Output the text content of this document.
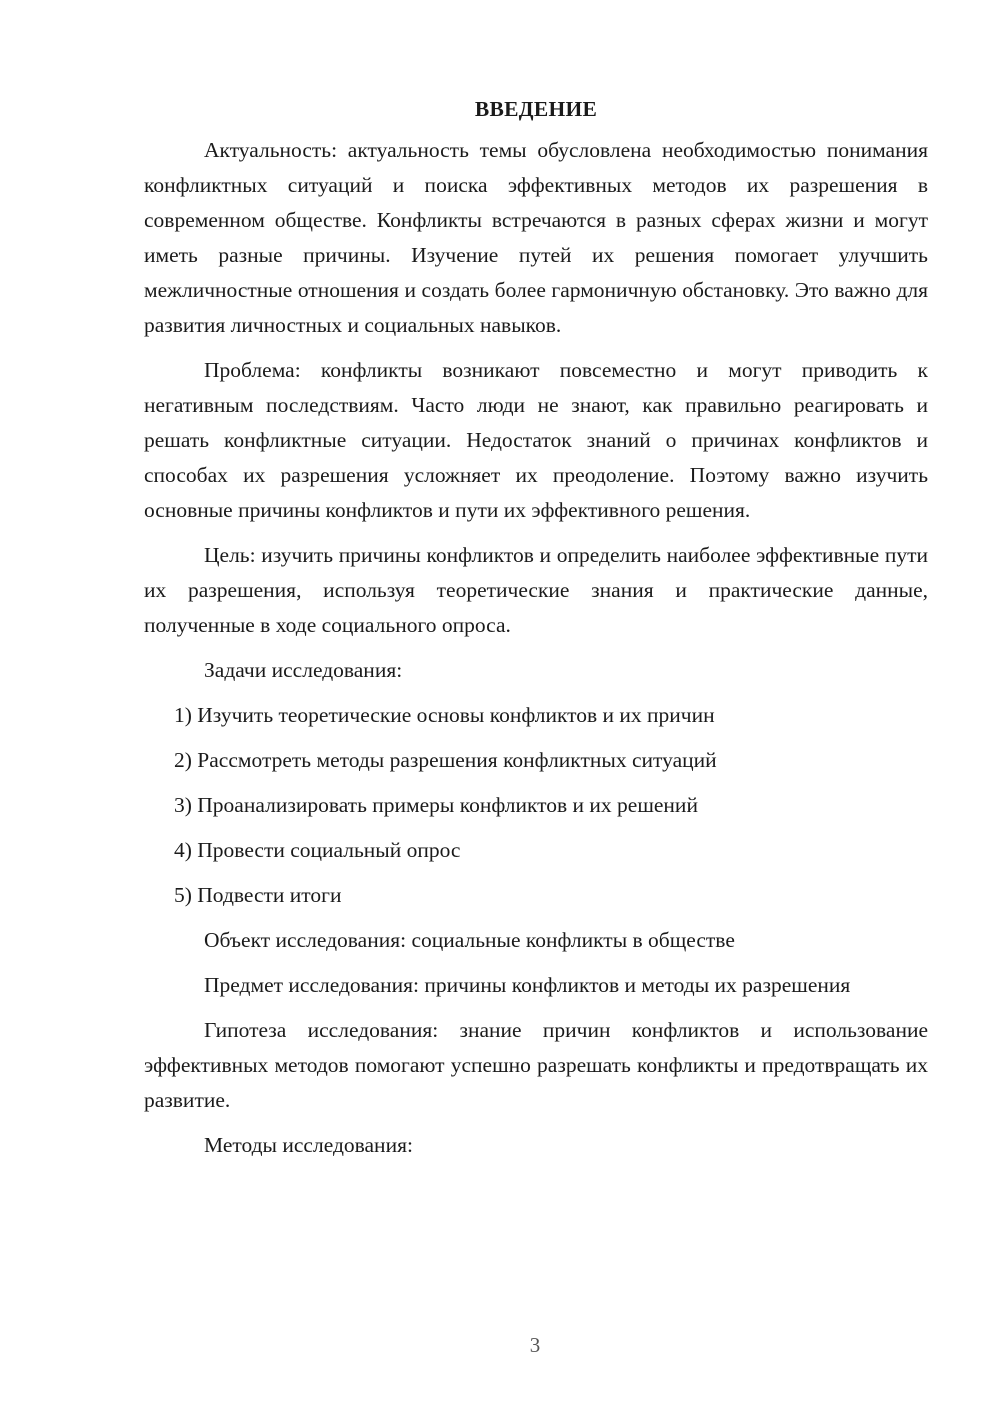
ВВЕДЕНИЕ

Актуальность: актуальность темы обусловлена необходимостью понимания конфликтных ситуаций и поиска эффективных методов их разрешения в современном обществе. Конфликты встречаются в разных сферах жизни и могут иметь разные причины. Изучение путей их решения помогает улучшить межличностные отношения и создать более гармоничную обстановку. Это важно для развития личностных и социальных навыков.

Проблема: конфликты возникают повсеместно и могут приводить к негативным последствиям. Часто люди не знают, как правильно реагировать и решать конфликтные ситуации. Недостаток знаний о причинах конфликтов и способах их разрешения усложняет их преодоление. Поэтому важно изучить основные причины конфликтов и пути их эффективного решения.

Цель: изучить причины конфликтов и определить наиболее эффективные пути их разрешения, используя теоретические знания и практические данные, полученные в ходе социального опроса.

Задачи исследования:

1) Изучить теоретические основы конфликтов и их причин

2) Рассмотреть методы разрешения конфликтных ситуаций

3) Проанализировать примеры конфликтов и их решений

4) Провести социальный опрос

5) Подвести итоги

Объект исследования: социальные конфликты в обществе

Предмет исследования: причины конфликтов и методы их разрешения

Гипотеза исследования: знание причин конфликтов и использование эффективных методов помогают успешно разрешать конфликты и предотвращать их развитие.

Методы исследования:

3
